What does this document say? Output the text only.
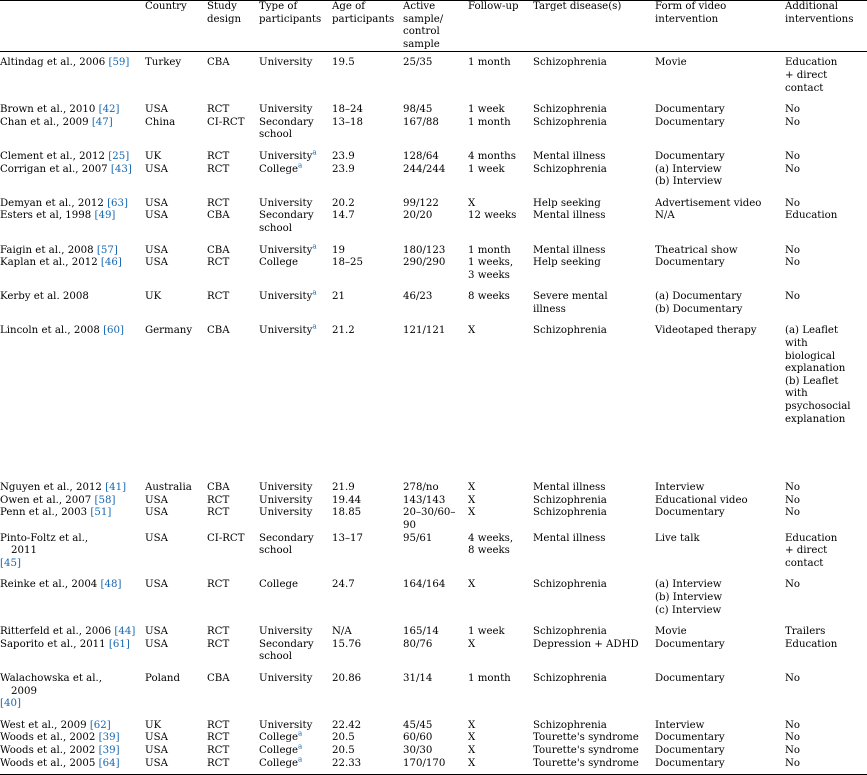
	Country	Study design	Type of participants	Age of participants	Active sample/ control sample	Follow-up	Target disease(s)	Form of video intervention	Additional interventions
Altindag et al., 2006 [59]	Turkey	CBA	University	19.5	25/35	1 month	Schizophrenia	Movie	Education
+ direct
contact

Brown et al., 2010 [42]	USA	RCT	University	18–24	98/45	1 week	Schizophrenia	Documentary	No
Chan et al., 2009 [47]	China	CI-RCT	Secondary
school	13–18	167/88	1 month	Schizophrenia	Documentary	No

Clement et al., 2012 [25]	UK	RCT	University$^a$	23.9	128/64	4 months	Mental illness	Documentary	No
Corrigan et al., 2007 [43]	USA	RCT	College$^a$	23.9	244/244	1 week	Schizophrenia	(a) Interview
(b) Interview	No

Demyan et al., 2012 [63]	USA	RCT	University	20.2	99/122	X	Help seeking	Advertisement video	No
Esters et al, 1998 [49]	USA	CBA	Secondary
school	14.7	20/20	12 weeks	Mental illness	N/A	Education

Faigin et al., 2008 [57]	USA	CBA	University$^a$	19	180/123	1 month	Mental illness	Theatrical show	No
Kaplan et al., 2012 [46]	USA	RCT	College	18–25	290/290	1 weeks,
3 weeks	Help seeking	Documentary	No

Kerby et al. 2008	UK	RCT	University$^a$	21	46/23	8 weeks	Severe mental
illness	(a) Documentary
(b) Documentary	No

Lincoln et al., 2008 [60]	Germany	CBA	University$^a$	21.2	121/121	X	Schizophrenia	Videotaped therapy	(a) Leaflet with
biological
explanation
(b) Leaflet with
psychosocial
explanation

Nguyen et al., 2012 [41]	Australia	CBA	University	21.9	278/no	X	Mental illness	Interview	No
Owen et al., 2007 [58]	USA	RCT	University	19.44	143/143	X	Schizophrenia	Educational video	No
Penn et al., 2003 [51]	USA	RCT	University	18.85	20–30/60–90	X	Schizophrenia	Documentary	No
Pinto-Foltz et al.,
2011
[45]	USA	CI-RCT	Secondary
school	13–17	95/61	4 weeks,
8 weeks	Mental illness	Live talk	Education
+ direct
contact

Reinke et al., 2004 [48]	USA	RCT	College	24.7	164/164	X	Schizophrenia	(a) Interview
(b) Interview
(c) Interview	No

Ritterfeld et al., 2006 [44]	USA	RCT	University	N/A	165/14	1 week	Schizophrenia	Movie	Trailers
Saporito et al., 2011 [61]	USA	RCT	Secondary
school	15.76	80/76	X	Depression + ADHD	Documentary	Education

Walachowska et al.,
2009
[40]	Poland	CBA	University	20.86	31/14	1 month	Schizophrenia	Documentary	No

West et al., 2009 [62]	UK	RCT	University	22.42	45/45	X	Schizophrenia	Interview	No
Woods et al., 2002 [39]	USA	RCT	College$^a$	20.5	60/60	X	Tourette's syndrome	Documentary	No
Woods et al., 2002 [39]	USA	RCT	College$^a$	20.5	30/30	X	Tourette's syndrome	Documentary	No
Woods et al., 2005 [64]	USA	RCT	College$^a$	22.33	170/170	X	Tourette's syndrome	Documentary	No
